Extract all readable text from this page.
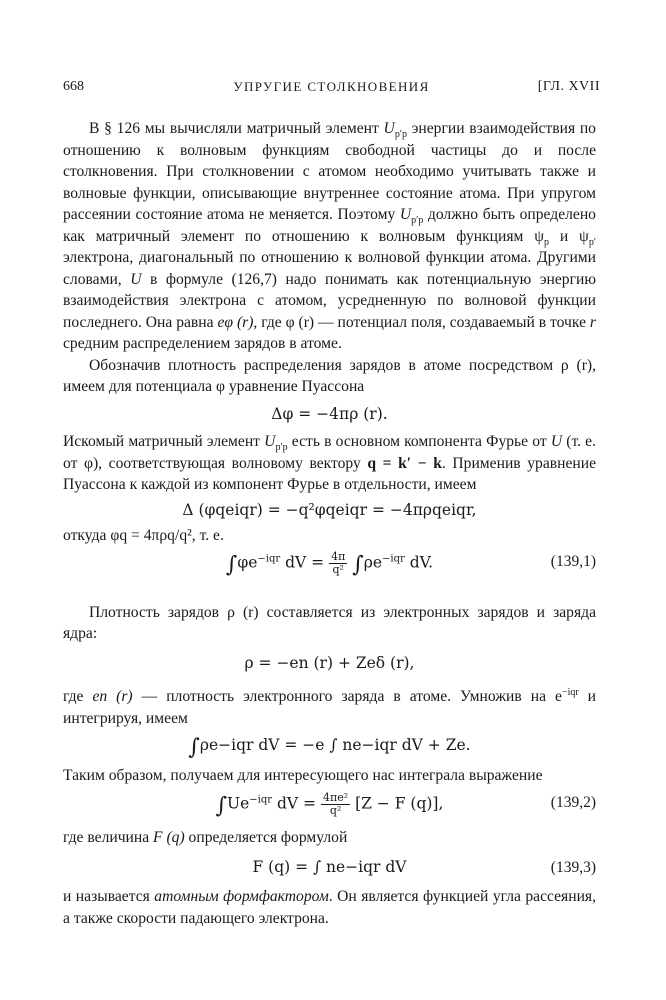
668	УПРУГИЕ СТОЛКНОВЕНИЯ	[ГЛ. XVII

В § 126 мы вычисляли матричный элемент $U_{p'p}$ энергии взаимодействия по отношению к волновым функциям свободной частицы до и после столкновения. При столкновении с атомом необходимо учитывать также и волновые функции, описывающие внутреннее состояние атома. При упругом рассеянии состояние атома не меняется. Поэтому $U_{p'p}$ должно быть определено как матричный элемент по отношению к волновым функциям $\psi_p$ и $\psi_{p'}$ электрона, диагональный по отношению к волновой функции атома. Другими словами, U в формуле (126,7) надо понимать как потенциальную энергию взаимодействия электрона с атомом, усредненную по волновой функции последнего. Она равна eφ (r), где φ (r) — потенциал поля, создаваемый в точке r средним распределением зарядов в атоме.

Обозначив плотность распределения зарядов в атоме посредством ρ (r), имеем для потенциала φ уравнение Пуассона

Δφ = −4πρ (r).

Искомый матричный элемент $U_{p'p}$ есть в основном компонента Фурье от U (т. е. от φ), соответствующая волновому вектору q = k′ − k. Применив уравнение Пуассона к каждой из компонент Фурье в отдельности, имеем

Δ (φqeiqr) = −q²φqeiqr = −4πρqeiqr,

откуда φq = 4πρq/q², т. е.

$\int\varphi e^{-iqr}$ dV = $\frac{4\pi}{\text{q²}} \int\rho e^{-iqr}$ dV.	(139,1)

Плотность зарядов ρ (r) составляется из электронных зарядов и заряда ядра:

ρ = −en (r) + Zeδ (r),

где en (r) — плотность электронного заряда в атоме. Умножив на $e^{-iqr}$ и интегрируя, имеем

∫ρe−iqr dV = −e ∫ ne−iqr dV + Ze.

Таким образом, получаем для интересующего нас интеграла выражение

$\int Ue^{-iqr}$ dV = $\frac{\text{4πe²}}{\text{q²}} [Z - F$ (q)],	(139,2)

где величина F (q) определяется формулой

F (q) = ∫ ne−iqr dV	(139,3)

и называется атомным формфактором. Он является функцией угла рассеяния, а также скорости падающего электрона.
